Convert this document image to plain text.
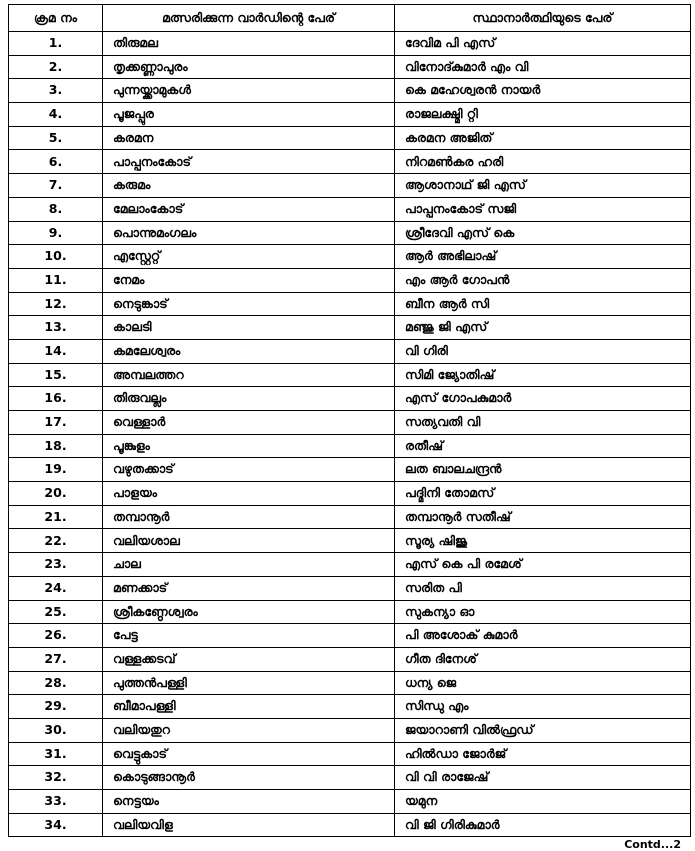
ക്രമ നം	മത്സരിക്കുന്ന വാർഡിന്റെ പേര്	സ്ഥാനാർത്ഥിയുടെ പേര്
1.	തിരുമല	ദേവിമ പി എസ്
2.	തൃക്കണ്ണാപുരം	വിനോദ്കുമാർ എം വി
3.	പുന്നയ്ക്കാമുകൾ	കെ മഹേശ്വരൻ നായർ
4.	പൂജപ്പുര	രാജലക്ഷ്മി റ്റി
5.	കരമന	കരമന അജിത്
6.	പാപ്പനംകോട്	നിറമൺകര ഹരി
7.	കരുമം	ആശാനാഥ് ജി എസ്
8.	മേലാംകോട്	പാപ്പനംകോട് സജി
9.	പൊന്നുമംഗലം	ശ്രീദേവി എസ് കെ
10.	എസ്റ്റേറ്റ്	ആർ അഭിലാഷ്
11.	നേമം	എം ആർ ഗോപൻ
12.	നെടുങ്കാട്	ബീന ആർ സി
13.	കാലടി	മഞ്ജു ജി എസ്
14.	കമലേശ്വരം	വി ഗിരി
15.	അമ്പലത്തറ	സിമി ജ്യോതിഷ്
16.	തിരുവല്ലം	എസ് ഗോപകുമാർ
17.	വെള്ളാർ	സത്യവതി വി
18.	പൂങ്കുളം	രതീഷ്
19.	വഴുതക്കാട്	ലത ബാലചന്ദ്രൻ
20.	പാളയം	പദ്മിനി തോമസ്
21.	തമ്പാനൂർ	തമ്പാനൂർ സതീഷ്
22.	വലിയശാല	സൂര്യ ഷിജു
23.	ചാല	എസ് കെ പി രമേശ്
24.	മണക്കാട്	സരിത പി
25.	ശ്രീകണ്ഠേശ്വരം	സുകന്യാ ഓ
26.	പേട്ട	പി അശോക് കുമാർ
27.	വള്ളക്കടവ്	ഗീത ദിനേശ്
28.	പുത്തൻപള്ളി	ധന്യ ജെ
29.	ബീമാപള്ളി	സിന്ധു എം
30.	വലിയതുറ	ജയാറാണി വിൽഫ്രഡ്
31.	വെട്ടുകാട്	ഹിൽഡാ ജോർജ്
32.	കൊടുങ്ങാനൂർ	വി വി രാജേഷ്
33.	നെട്ടയം	യമുന
34.	വലിയവിള	വി ജി ഗിരികുമാർ
Contd...2
